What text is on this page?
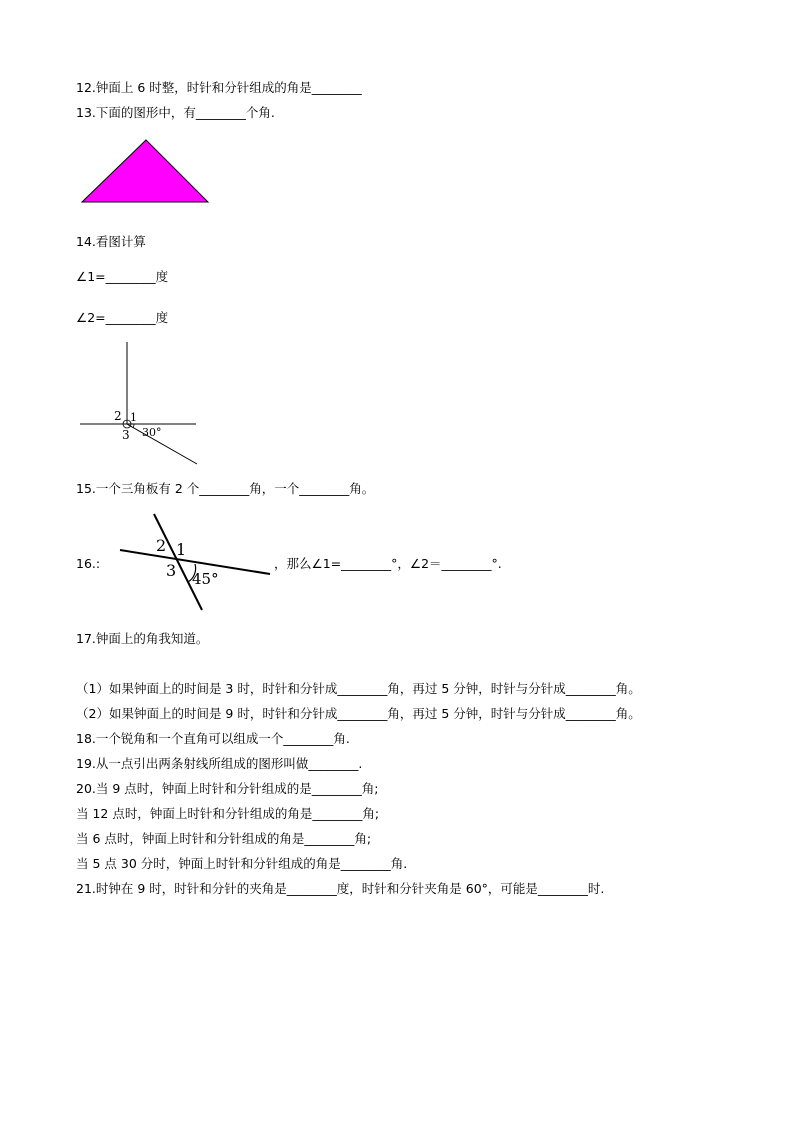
12.钟面上 6 时整，时针和分针组成的角是________
13.下面的图形中，有________个角.
14.看图计算
∠1=________度
∠2=________度
2 1
3 30°
15.一个三角板有 2 个________角，一个________角。
16.:
2 1
3 45°
，那么∠1=________°，∠2＝________°.
17.钟面上的角我知道。
（1）如果钟面上的时间是 3 时，时针和分针成________角，再过 5 分钟，时针与分针成________角。
（2）如果钟面上的时间是 9 时，时针和分针成________角，再过 5 分钟，时针与分针成________角。
18.一个锐角和一个直角可以组成一个________角.
19.从一点引出两条射线所组成的图形叫做________.
20.当 9 点时，钟面上时针和分针组成的是________角;
当 12 点时，钟面上时针和分针组成的角是________角;
当 6 点时，钟面上时针和分针组成的角是________角;
当 5 点 30 分时，钟面上时针和分针组成的角是________角.
21.时钟在 9 时，时针和分针的夹角是________度，时针和分针夹角是 60°，可能是________时.
